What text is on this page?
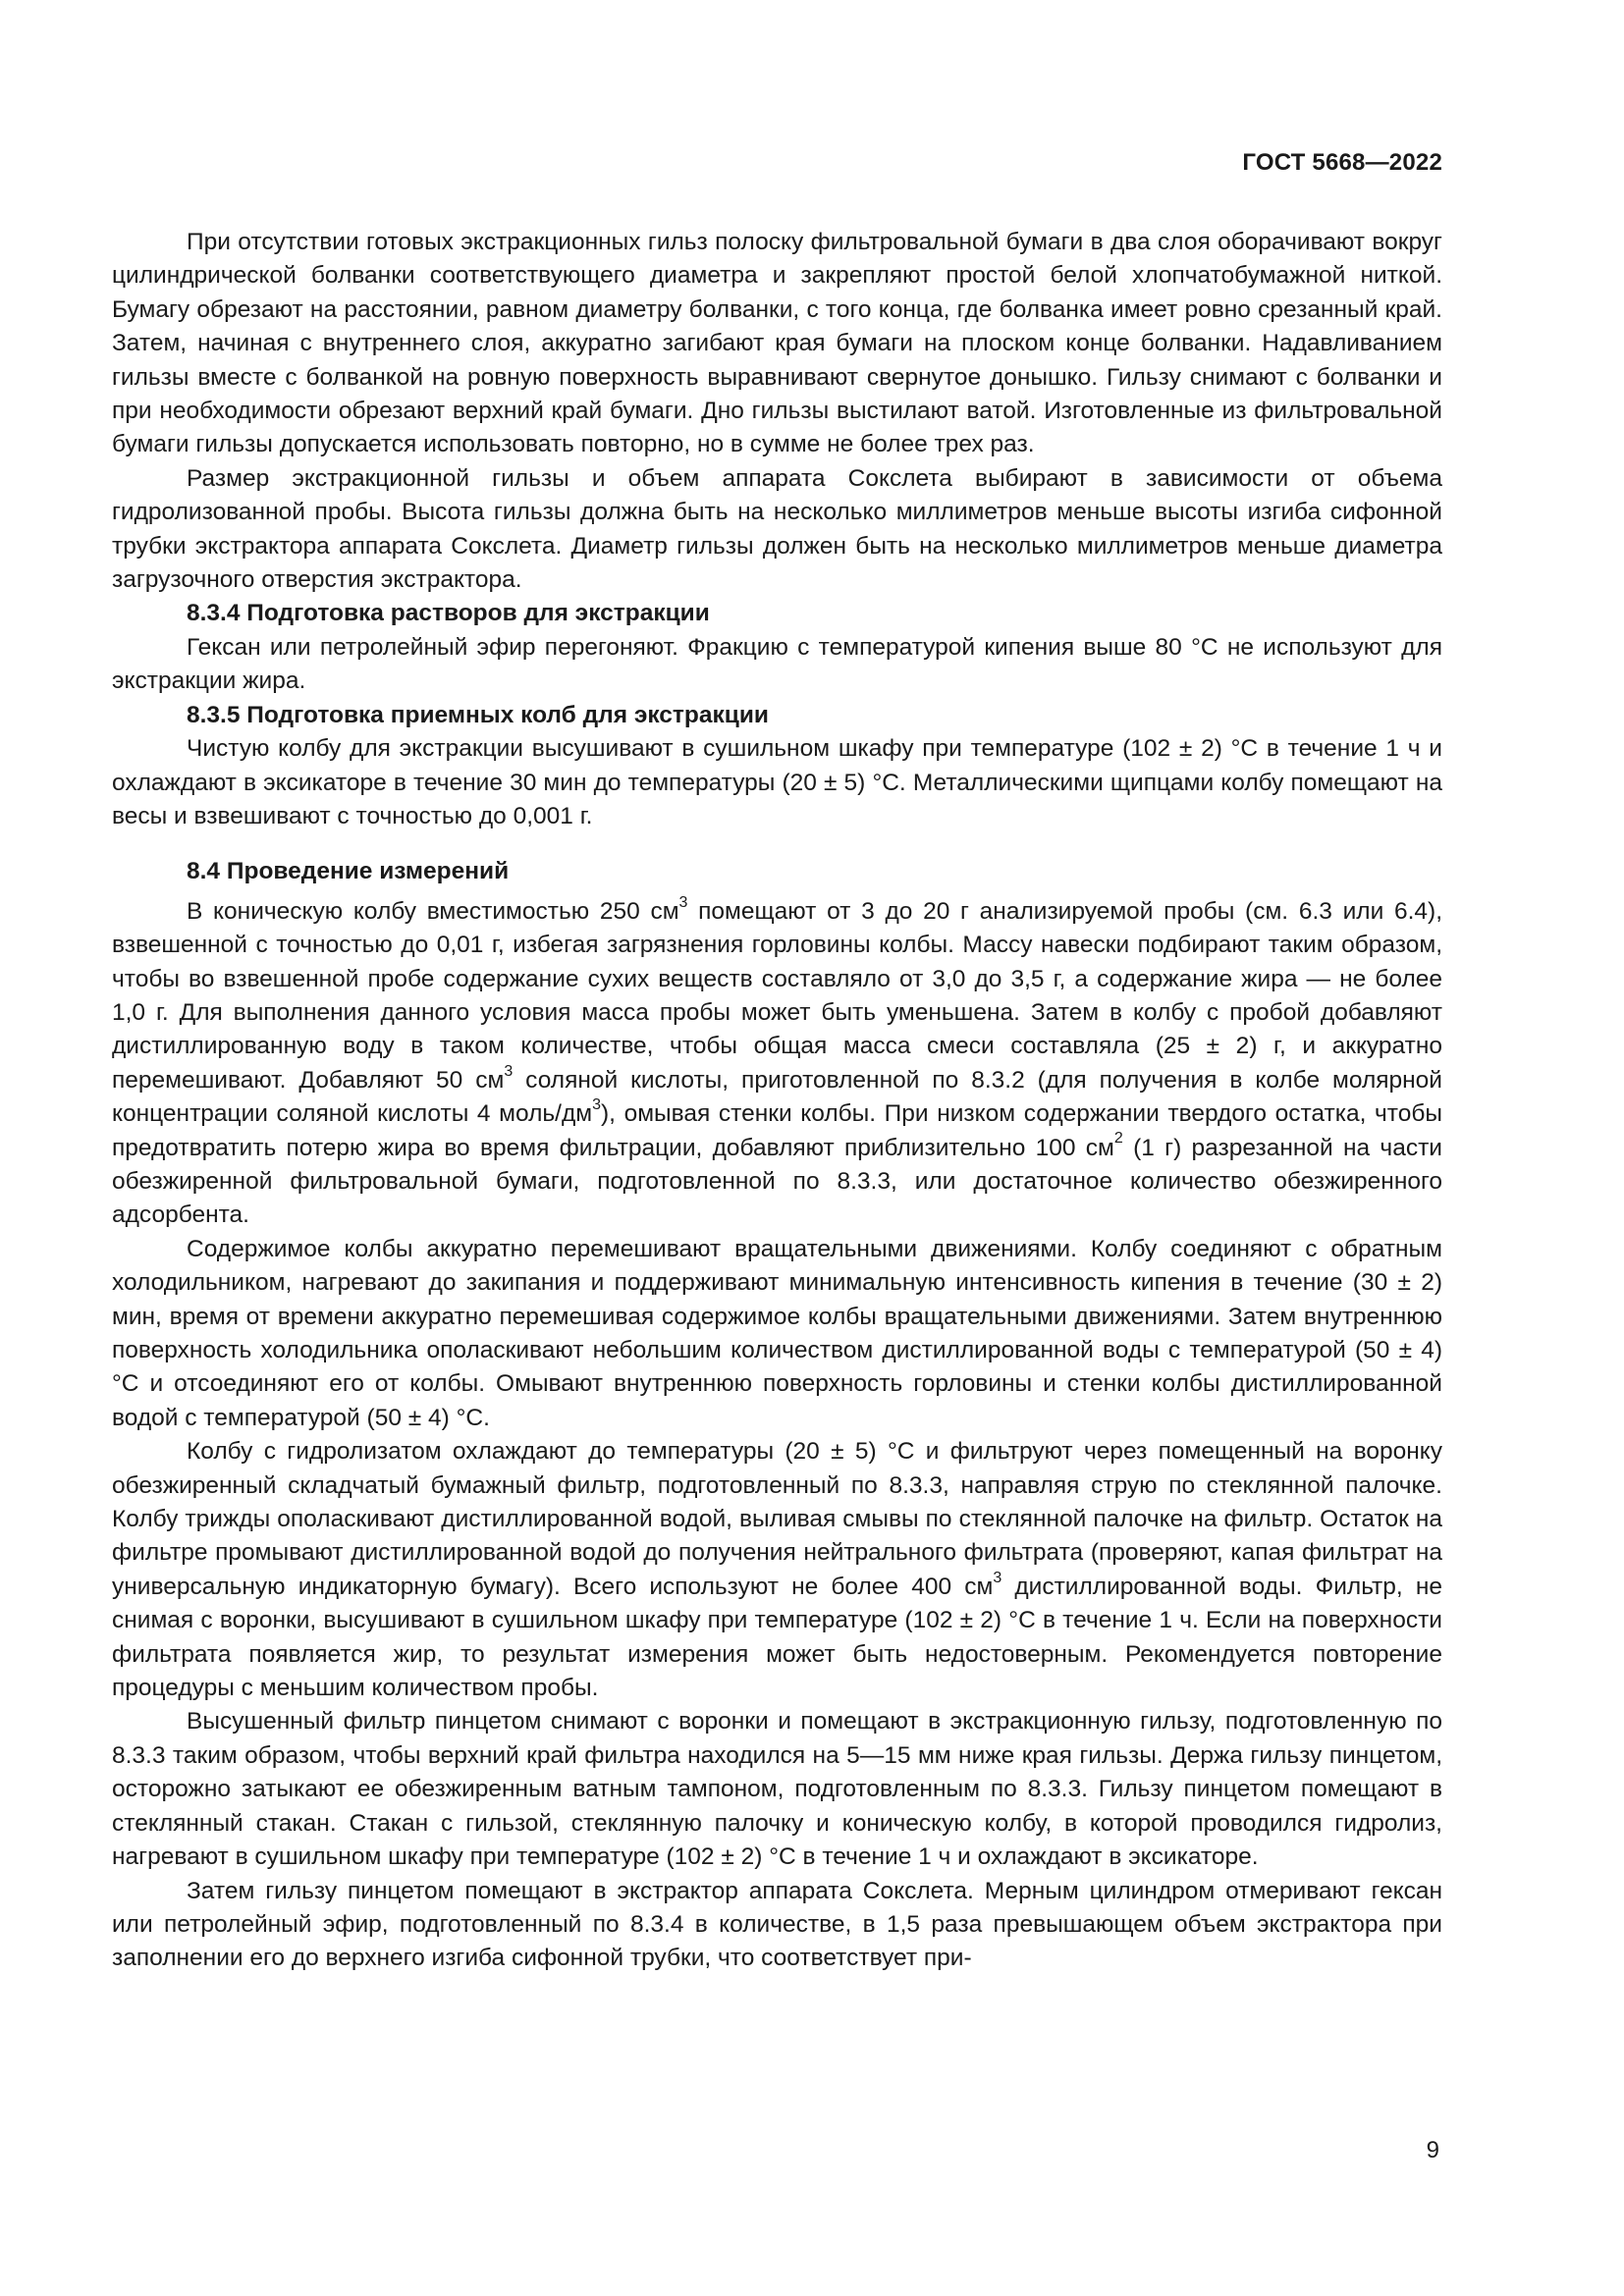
ГОСТ 5668—2022

При отсутствии готовых экстракционных гильз полоску фильтровальной бумаги в два слоя оборачивают вокруг цилиндрической болванки соответствующего диаметра и закрепляют простой белой хлопчатобумажной ниткой. Бумагу обрезают на расстоянии, равном диаметру болванки, с того конца, где болванка имеет ровно срезанный край. Затем, начиная с внутреннего слоя, аккуратно загибают края бумаги на плоском конце болванки. Надавливанием гильзы вместе с болванкой на ровную поверхность выравнивают свернутое донышко. Гильзу снимают с болванки и при необходимости обрезают верхний край бумаги. Дно гильзы выстилают ватой. Изготовленные из фильтровальной бумаги гильзы допускается использовать повторно, но в сумме не более трех раз.

Размер экстракционной гильзы и объем аппарата Сокслета выбирают в зависимости от объема гидролизованной пробы. Высота гильзы должна быть на несколько миллиметров меньше высоты изгиба сифонной трубки экстрактора аппарата Сокслета. Диаметр гильзы должен быть на несколько миллиметров меньше диаметра загрузочного отверстия экстрактора.

8.3.4 Подготовка растворов для экстракции

Гексан или петролейный эфир перегоняют. Фракцию с температурой кипения выше 80 °С не используют для экстракции жира.

8.3.5 Подготовка приемных колб для экстракции

Чистую колбу для экстракции высушивают в сушильном шкафу при температуре (102 ± 2) °С в течение 1 ч и охлаждают в эксикаторе в течение 30 мин до температуры (20 ± 5) °С. Металлическими щипцами колбу помещают на весы и взвешивают с точностью до 0,001 г.

8.4 Проведение измерений

В коническую колбу вместимостью 250 $см^3$ помещают от 3 до 20 г анализируемой пробы (см. 6.3 или 6.4), взвешенной с точностью до 0,01 г, избегая загрязнения горловины колбы. Массу навески подбирают таким образом, чтобы во взвешенной пробе содержание сухих веществ составляло от 3,0 до 3,5 г, а содержание жира — не более 1,0 г. Для выполнения данного условия масса пробы может быть уменьшена. Затем в колбу с пробой добавляют дистиллированную воду в таком количестве, чтобы общая масса смеси составляла (25 ± 2) г, и аккуратно перемешивают. Добавляют 50 $см^3$ соляной кислоты, приготовленной по 8.3.2 (для получения в колбе молярной концентрации соляной кислоты 4 моль/$дм^3$), омывая стенки колбы. При низком содержании твердого остатка, чтобы предотвратить потерю жира во время фильтрации, добавляют приблизительно 100 $см^2$ (1 г) разрезанной на части обезжиренной фильтровальной бумаги, подготовленной по 8.3.3, или достаточное количество обезжиренного адсорбента.

Содержимое колбы аккуратно перемешивают вращательными движениями. Колбу соединяют с обратным холодильником, нагревают до закипания и поддерживают минимальную интенсивность кипения в течение (30 ± 2) мин, время от времени аккуратно перемешивая содержимое колбы вращательными движениями. Затем внутреннюю поверхность холодильника ополаскивают небольшим количеством дистиллированной воды с температурой (50 ± 4) °С и отсоединяют его от колбы. Омывают внутреннюю поверхность горловины и стенки колбы дистиллированной водой с температурой (50 ± 4) °С.

Колбу с гидролизатом охлаждают до температуры (20 ± 5) °С и фильтруют через помещенный на воронку обезжиренный складчатый бумажный фильтр, подготовленный по 8.3.3, направляя струю по стеклянной палочке. Колбу трижды ополаскивают дистиллированной водой, выливая смывы по стеклянной палочке на фильтр. Остаток на фильтре промывают дистиллированной водой до получения нейтрального фильтрата (проверяют, капая фильтрат на универсальную индикаторную бумагу). Всего используют не более 400 $см^3$ дистиллированной воды. Фильтр, не снимая с воронки, высушивают в сушильном шкафу при температуре (102 ± 2) °С в течение 1 ч. Если на поверхности фильтрата появляется жир, то результат измерения может быть недостоверным. Рекомендуется повторение процедуры с меньшим количеством пробы.

Высушенный фильтр пинцетом снимают с воронки и помещают в экстракционную гильзу, подготовленную по 8.3.3 таким образом, чтобы верхний край фильтра находился на 5—15 мм ниже края гильзы. Держа гильзу пинцетом, осторожно затыкают ее обезжиренным ватным тампоном, подготовленным по 8.3.3. Гильзу пинцетом помещают в стеклянный стакан. Стакан с гильзой, стеклянную палочку и коническую колбу, в которой проводился гидролиз, нагревают в сушильном шкафу при температуре (102 ± 2) °С в течение 1 ч и охлаждают в эксикаторе.

Затем гильзу пинцетом помещают в экстрактор аппарата Сокслета. Мерным цилиндром отмеривают гексан или петролейный эфир, подготовленный по 8.3.4 в количестве, в 1,5 раза превышающем объем экстрактора при заполнении его до верхнего изгиба сифонной трубки, что соответствует при-

9
